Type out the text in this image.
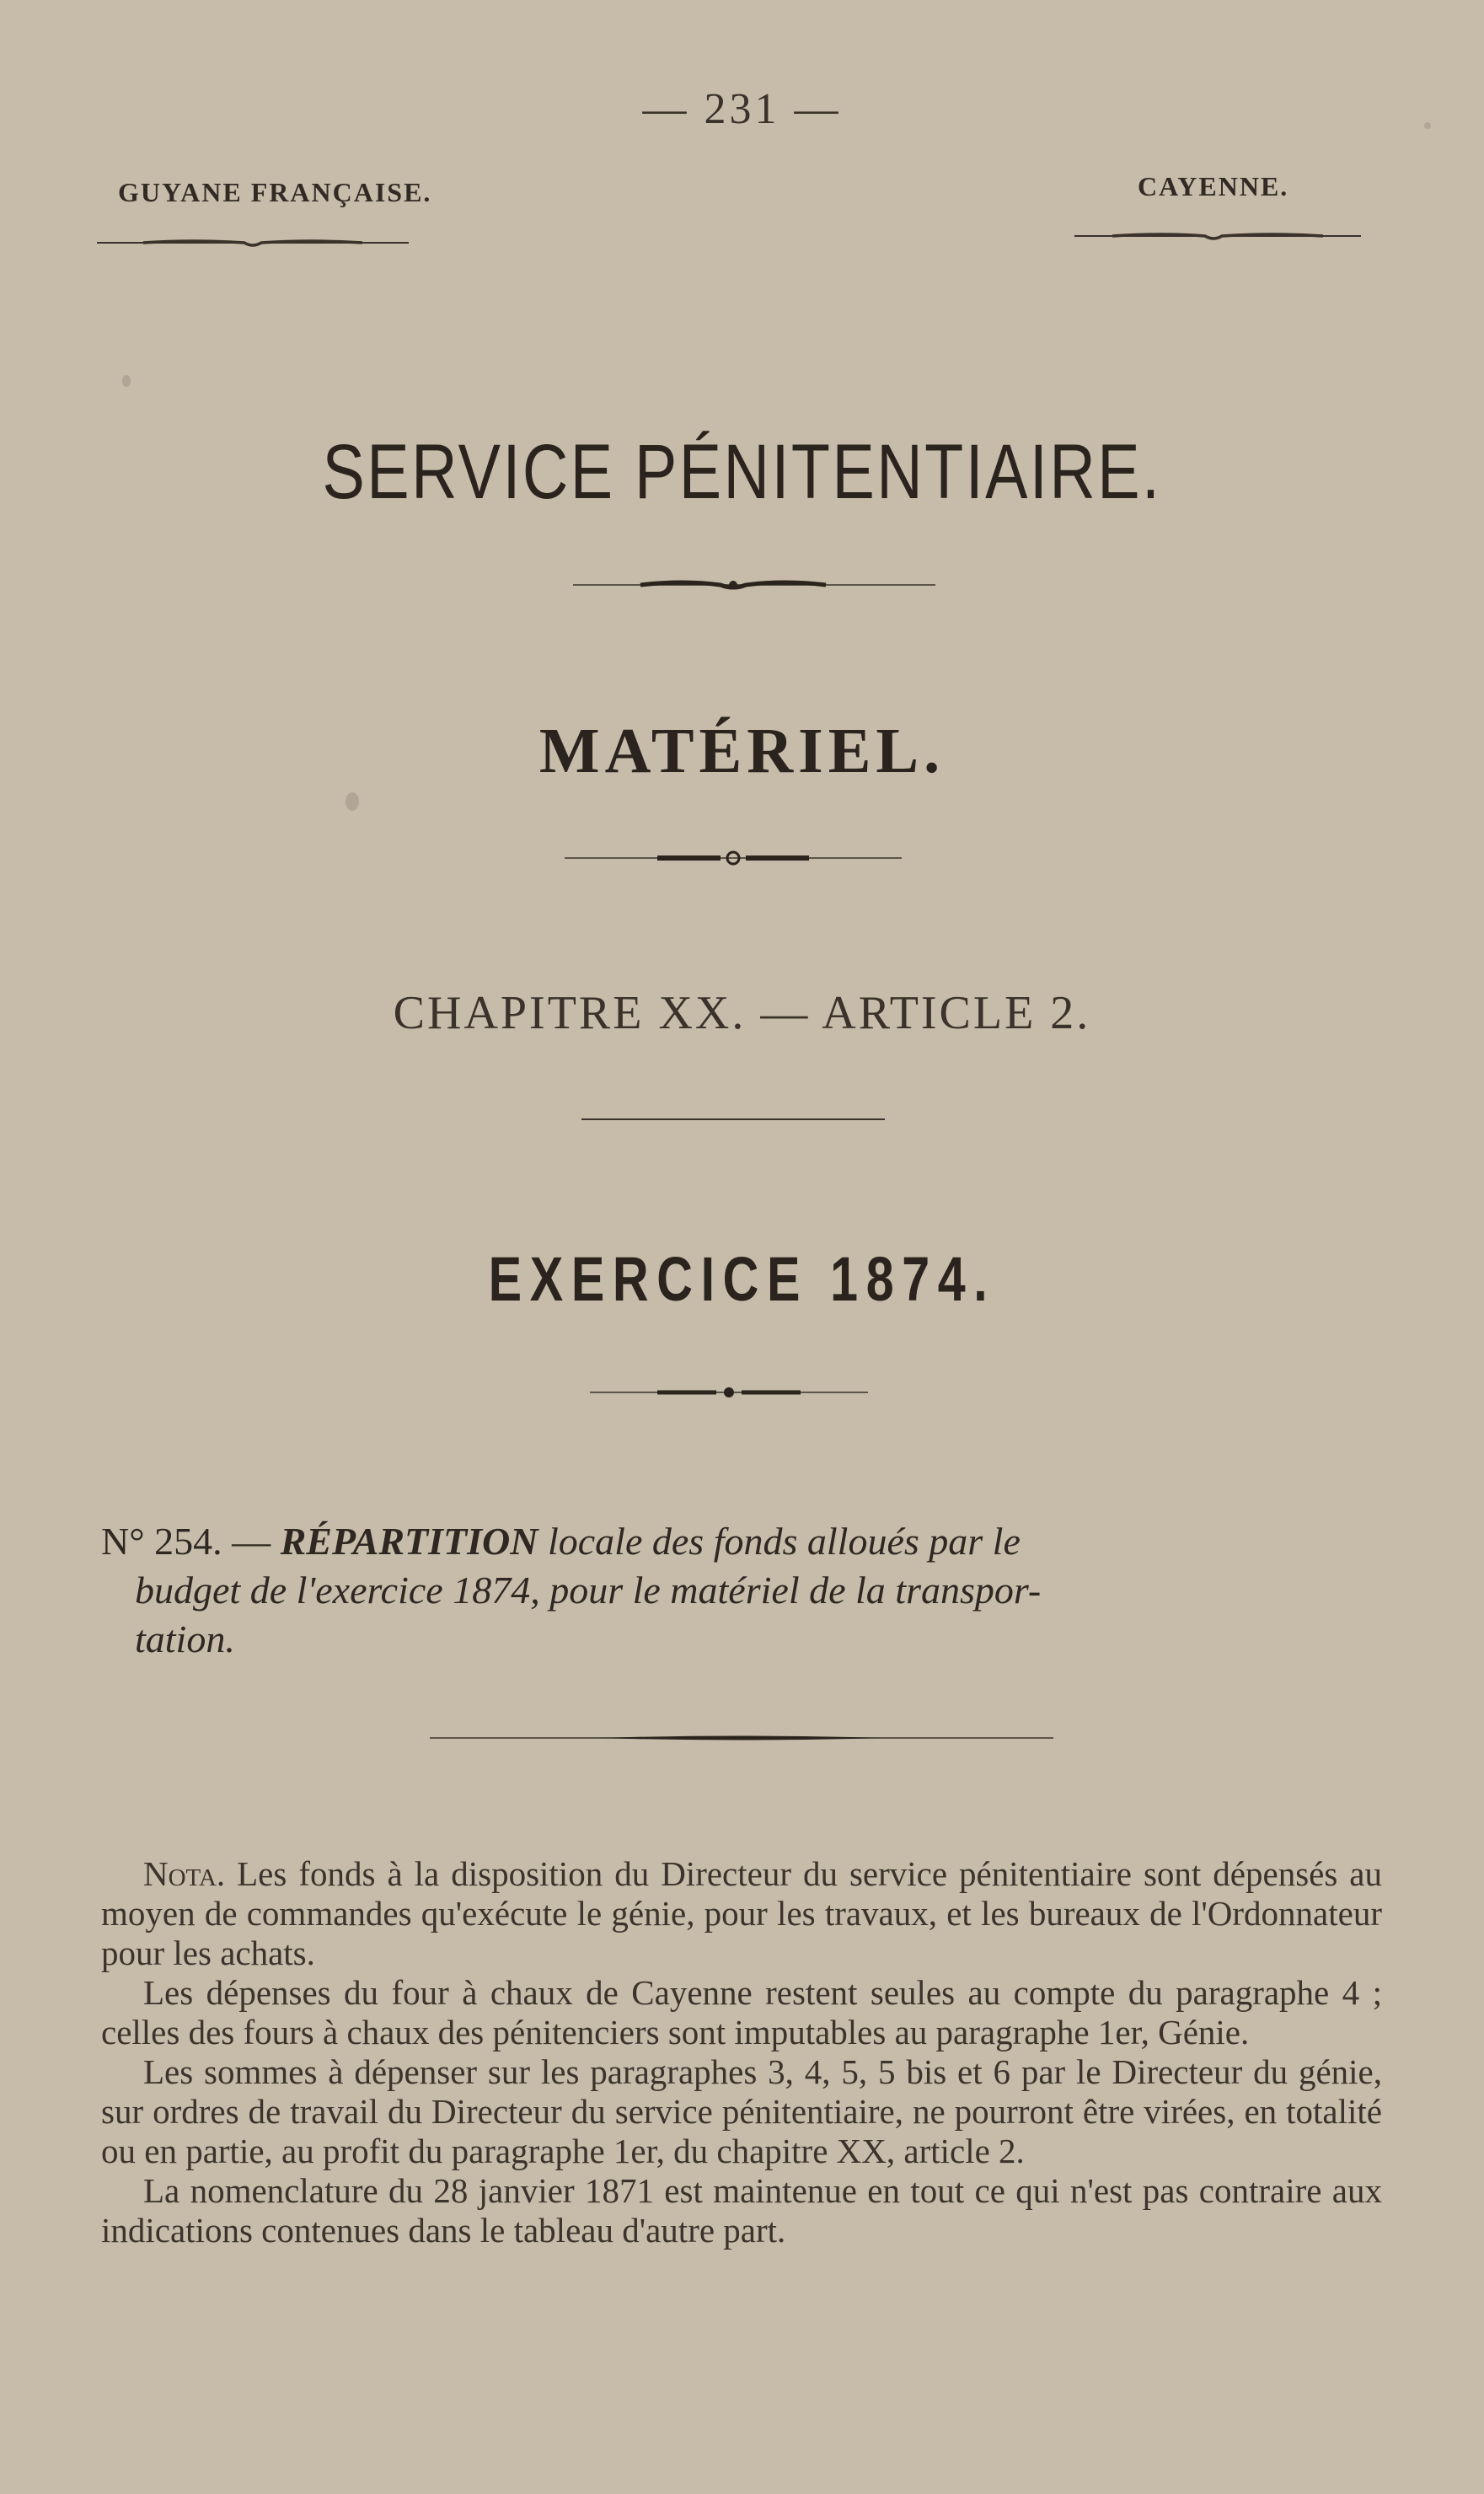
— 231 —
GUYANE FRANÇAISE.	CAYENNE.
SERVICE PÉNITENTIAIRE.
MATÉRIEL.
CHAPITRE XX. — ARTICLE 2.
EXERCICE 1874.
N° 254. — RÉPARTITION locale des fonds alloués par le
budget de l'exercice 1874, pour le matériel de la transpor-
tation.

Nota. Les fonds à la disposition du Directeur du service pénitentiaire sont dépensés au moyen de commandes qu'exécute le génie, pour les travaux, et les bureaux de l'Ordonnateur pour les achats.

Les dépenses du four à chaux de Cayenne restent seules au compte du paragraphe 4 ; celles des fours à chaux des pénitenciers sont imputables au paragraphe 1er, Génie.

Les sommes à dépenser sur les paragraphes 3, 4, 5, 5 bis et 6 par le Directeur du génie, sur ordres de travail du Directeur du service pénitentiaire, ne pourront être virées, en totalité ou en partie, au profit du paragraphe 1er, du chapitre XX, article 2.

La nomenclature du 28 janvier 1871 est maintenue en tout ce qui n'est pas contraire aux indications contenues dans le tableau d'autre part.
